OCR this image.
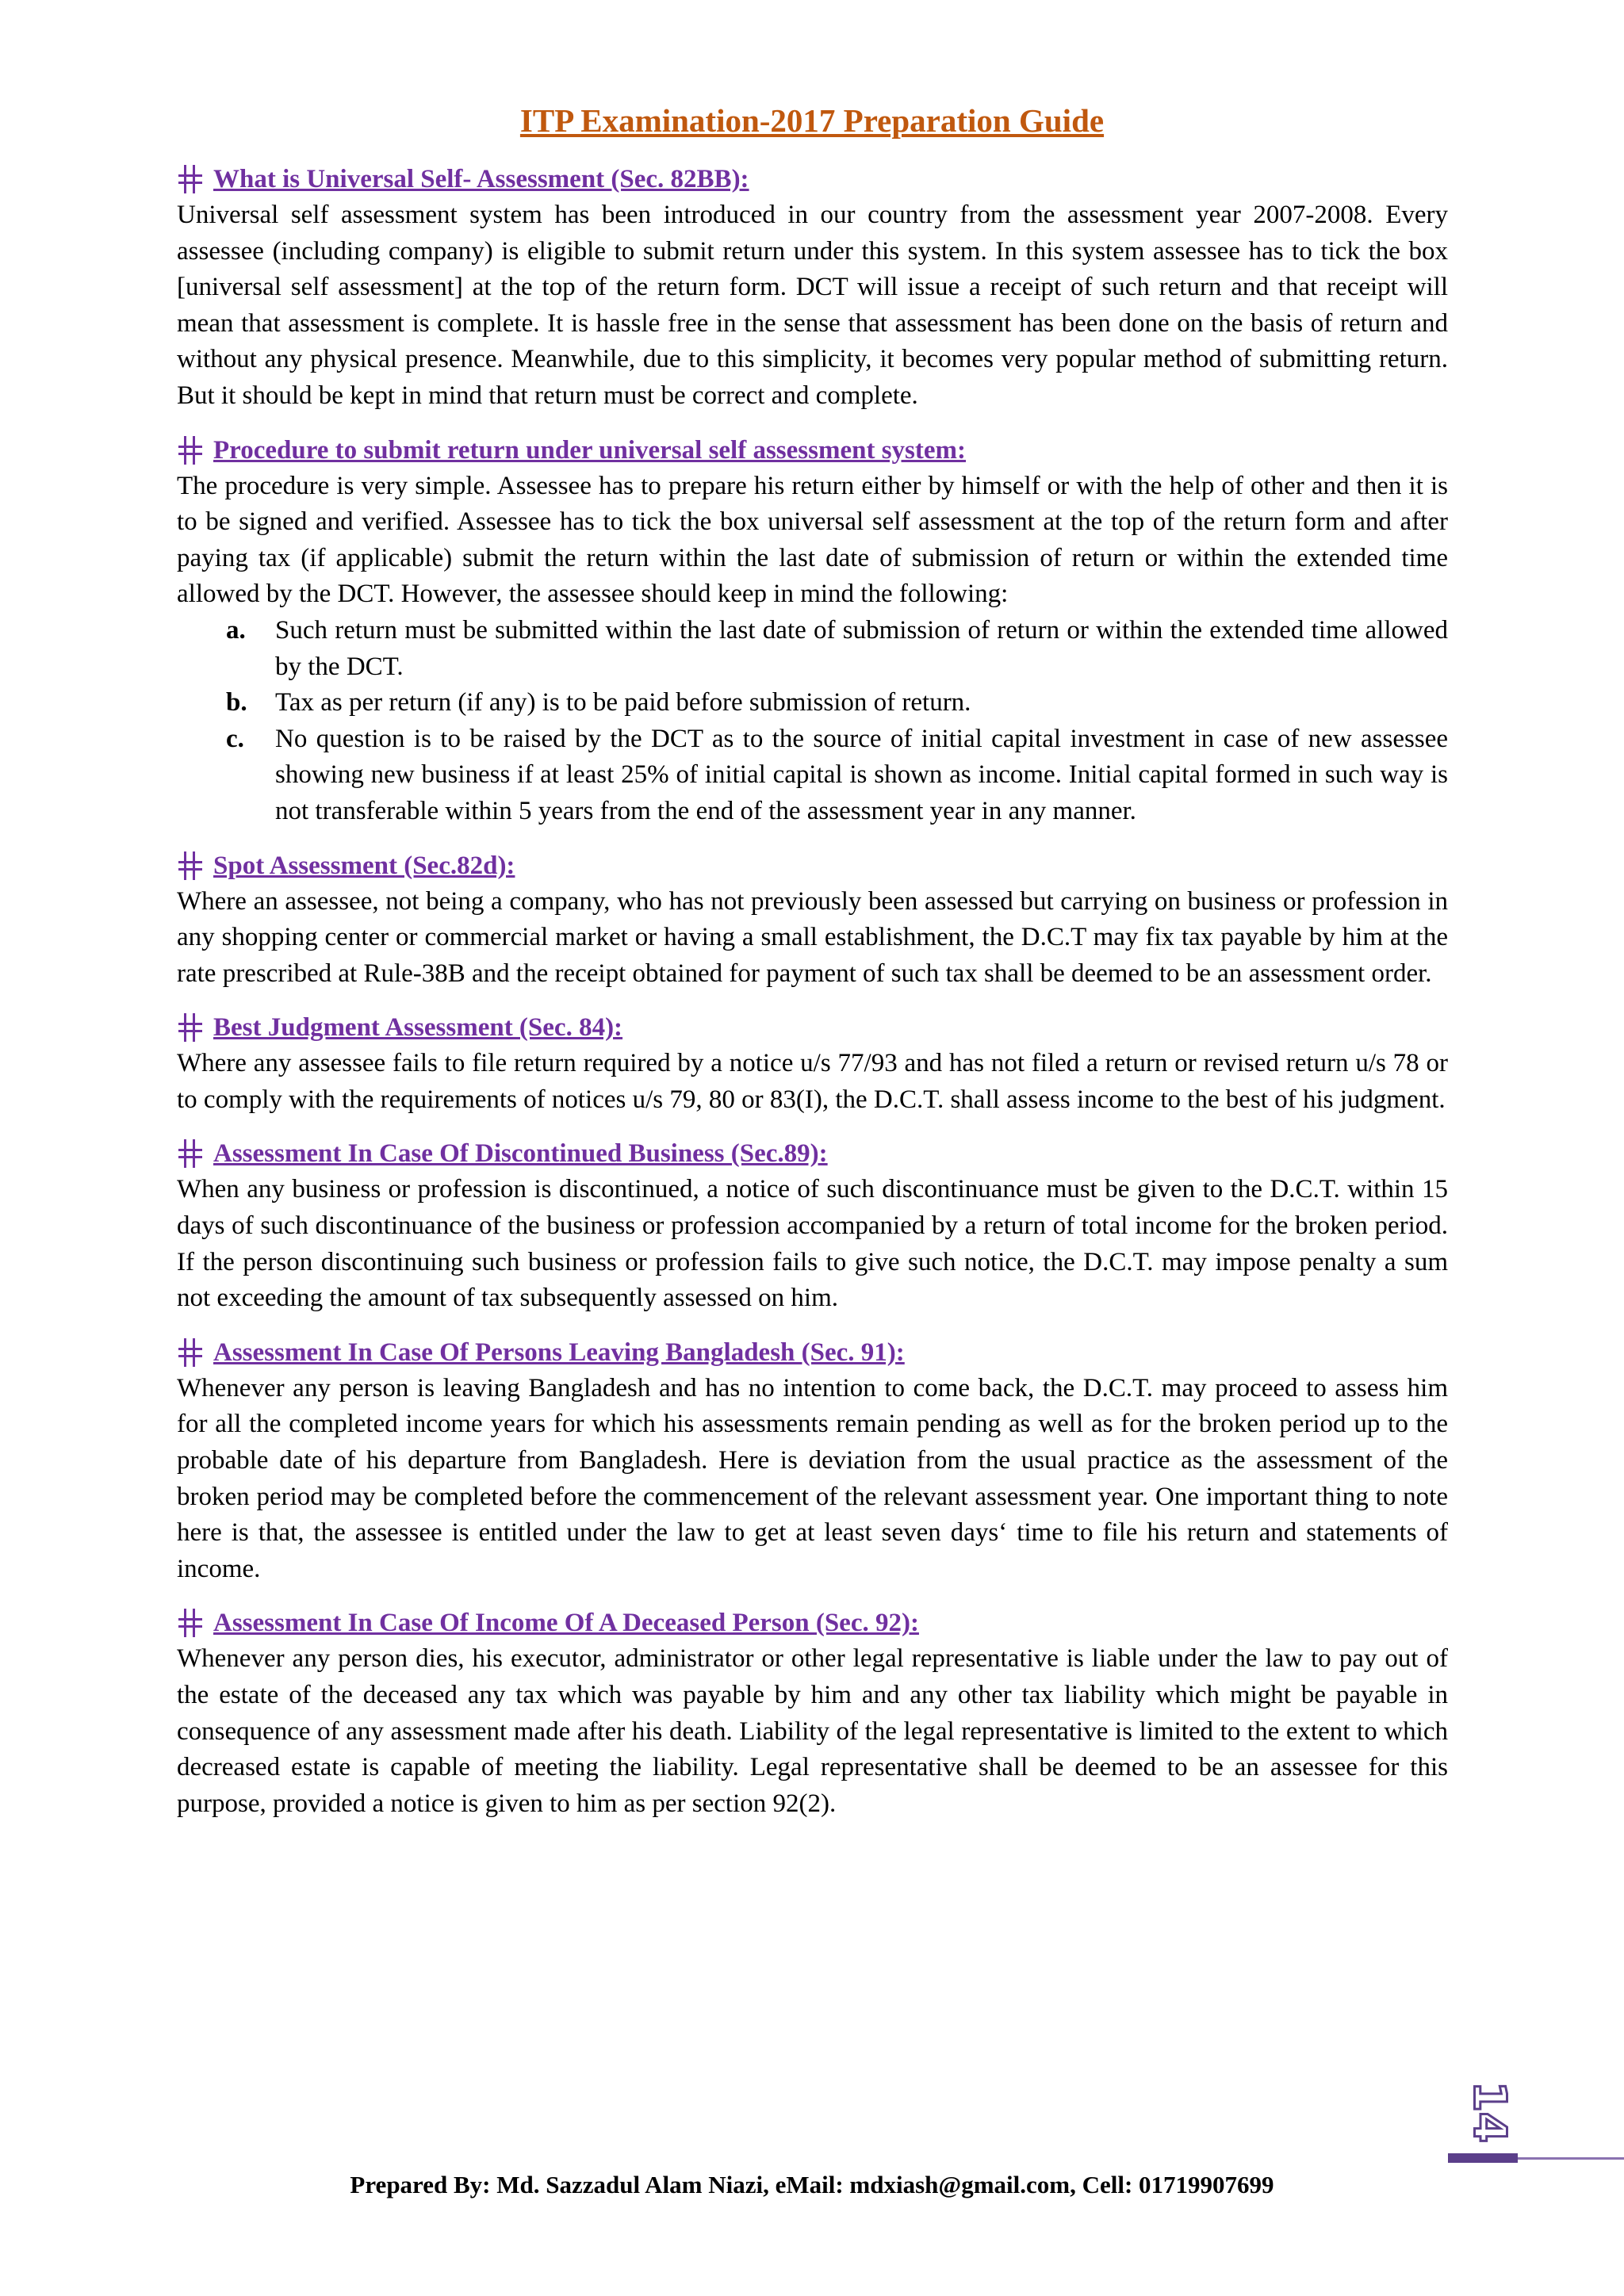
ITP Examination-2017 Preparation Guide
What is Universal Self- Assessment (Sec. 82BB):

Universal self assessment system has been introduced in our country from the assessment year 2007-2008. Every assessee (including company) is eligible to submit return under this system. In this system assessee has to tick the box [universal self assessment] at the top of the return form. DCT will issue a receipt of such return and that receipt will mean that assessment is complete. It is hassle free in the sense that assessment has been done on the basis of return and without any physical presence. Meanwhile, due to this simplicity, it becomes very popular method of submitting return. But it should be kept in mind that return must be correct and complete.

Procedure to submit return under universal self assessment system:

The procedure is very simple. Assessee has to prepare his return either by himself or with the help of other and then it is to be signed and verified. Assessee has to tick the box universal self assessment at the top of the return form and after paying tax (if applicable) submit the return within the last date of submission of return or within the extended time allowed by the DCT. However, the assessee should keep in mind the following:

a.	Such return must be submitted within the last date of submission of return or within the extended time allowed by the DCT.
b.	Tax as per return (if any) is to be paid before submission of return.
c.	No question is to be raised by the DCT as to the source of initial capital investment in case of new assessee showing new business if at least 25% of initial capital is shown as income. Initial capital formed in such way is not transferable within 5 years from the end of the assessment year in any manner.
Spot Assessment (Sec.82d):

Where an assessee, not being a company, who has not previously been assessed but carrying on business or profession in any shopping center or commercial market or having a small establishment, the D.C.T may fix tax payable by him at the rate prescribed at Rule-38B and the receipt obtained for payment of such tax shall be deemed to be an assessment order.

Best Judgment Assessment (Sec. 84):

Where any assessee fails to file return required by a notice u/s 77/93 and has not filed a return or revised return u/s 78 or to comply with the requirements of notices u/s 79, 80 or 83(I), the D.C.T. shall assess income to the best of his judgment.

Assessment In Case Of Discontinued Business (Sec.89):

When any business or profession is discontinued, a notice of such discontinuance must be given to the D.C.T. within 15 days of such discontinuance of the business or profession accompanied by a return of total income for the broken period. If the person discontinuing such business or profession fails to give such notice, the D.C.T. may impose penalty a sum not exceeding the amount of tax subsequently assessed on him.

Assessment In Case Of Persons Leaving Bangladesh (Sec. 91):

Whenever any person is leaving Bangladesh and has no intention to come back, the D.C.T. may proceed to assess him for all the completed income years for which his assessments remain pending as well as for the broken period up to the probable date of his departure from Bangladesh. Here is deviation from the usual practice as the assessment of the broken period may be completed before the commencement of the relevant assessment year. One important thing to note here is that, the assessee is entitled under the law to get at least seven days‘ time to file his return and statements of income.

Assessment In Case Of Income Of A Deceased Person (Sec. 92):

Whenever any person dies, his executor, administrator or other legal representative is liable under the law to pay out of the estate of the deceased any tax which was payable by him and any other tax liability which might be payable in consequence of any assessment made after his death. Liability of the legal representative is limited to the extent to which decreased estate is capable of meeting the liability. Legal representative shall be deemed to be an assessee for this purpose, provided a notice is given to him as per section 92(2).

14
Prepared By: Md. Sazzadul Alam Niazi, eMail: mdxiash@gmail.com, Cell: 01719907699
